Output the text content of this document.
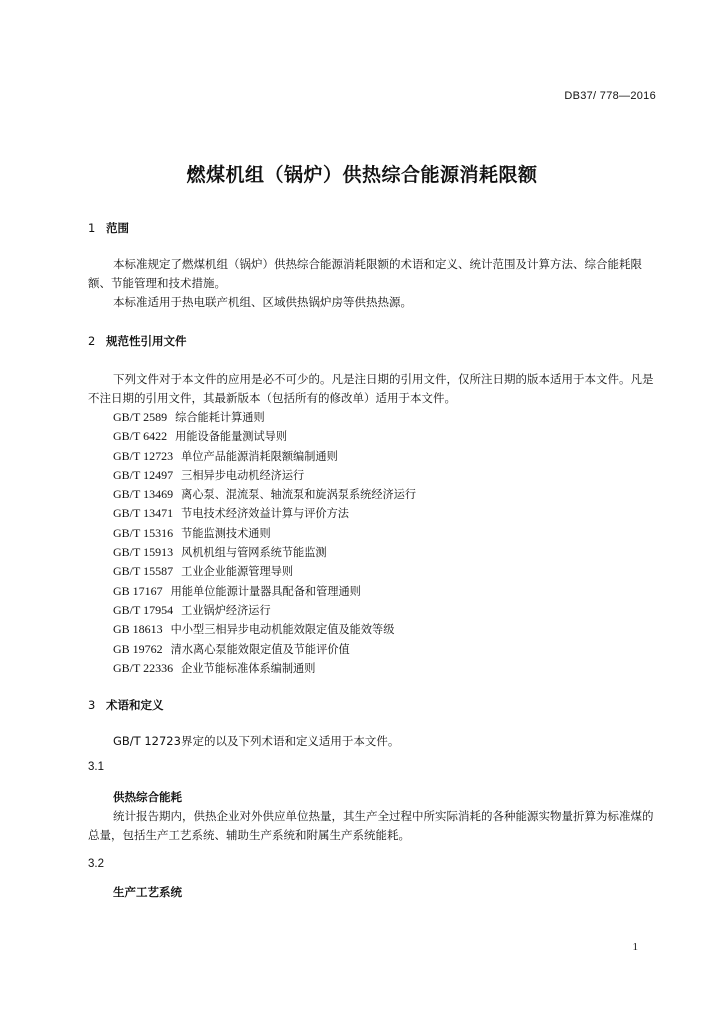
DB37/ 778—2016
燃煤机组（锅炉）供热综合能源消耗限额
1 范围
本标准规定了燃煤机组（锅炉）供热综合能源消耗限额的术语和定义、统计范围及计算方法、综合能耗限额、节能管理和技术措施。
本标准适用于热电联产机组、区域供热锅炉房等供热热源。
2 规范性引用文件
下列文件对于本文件的应用是必不可少的。凡是注日期的引用文件，仅所注日期的版本适用于本文件。凡是不注日期的引用文件，其最新版本（包括所有的修改单）适用于本文件。
GB/T 2589 综合能耗计算通则
GB/T 6422 用能设备能量测试导则
GB/T 12723 单位产品能源消耗限额编制通则
GB/T 12497 三相异步电动机经济运行
GB/T 13469 离心泵、混流泵、轴流泵和旋涡泵系统经济运行
GB/T 13471 节电技术经济效益计算与评价方法
GB/T 15316 节能监测技术通则
GB/T 15913 风机机组与管网系统节能监测
GB/T 15587 工业企业能源管理导则
GB 17167 用能单位能源计量器具配备和管理通则
GB/T 17954 工业锅炉经济运行
GB 18613 中小型三相异步电动机能效限定值及能效等级
GB 19762 清水离心泵能效限定值及节能评价值
GB/T 22336 企业节能标准体系编制通则
3 术语和定义
GB/T 12723界定的以及下列术语和定义适用于本文件。
3.1
供热综合能耗
统计报告期内，供热企业对外供应单位热量，其生产全过程中所实际消耗的各种能源实物量折算为标准煤的总量，包括生产工艺系统、辅助生产系统和附属生产系统能耗。
3.2
生产工艺系统
1
